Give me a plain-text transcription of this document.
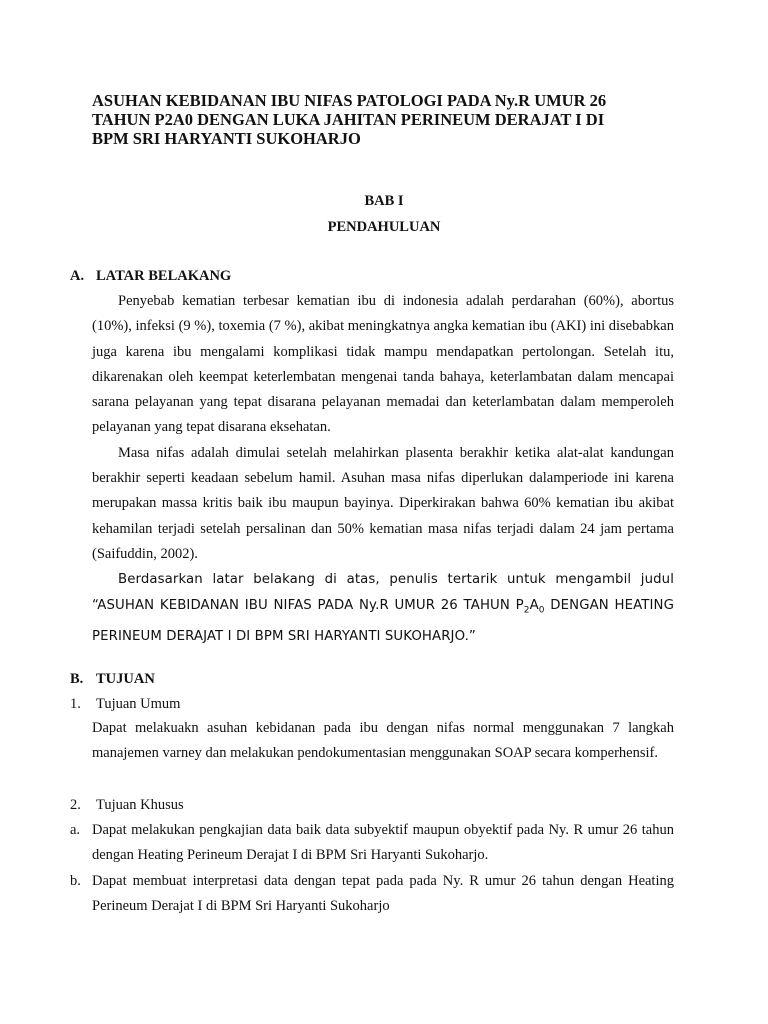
ASUHAN KEBIDANAN IBU NIFAS PATOLOGI PADA Ny.R UMUR 26
TAHUN P2A0 DENGAN LUKA JAHITAN PERINEUM DERAJAT I DI
BPM SRI HARYANTI SUKOHARJO
BAB I
PENDAHULUAN
A. LATAR BELAKANG

Penyebab kematian terbesar kematian ibu di indonesia adalah perdarahan (60%), abortus (10%), infeksi (9 %), toxemia (7 %), akibat meningkatnya angka kematian ibu (AKI) ini disebabkan juga karena ibu mengalami komplikasi tidak mampu mendapatkan pertolongan. Setelah itu, dikarenakan oleh keempat keterlembatan mengenai tanda bahaya, keterlambatan dalam mencapai sarana pelayanan yang tepat disarana pelayanan memadai dan keterlambatan dalam memperoleh pelayanan yang tepat disarana eksehatan.

Masa nifas adalah dimulai setelah melahirkan plasenta berakhir ketika alat-alat kandungan berakhir seperti keadaan sebelum hamil. Asuhan masa nifas diperlukan dalamperiode ini karena merupakan massa kritis baik ibu maupun bayinya. Diperkirakan bahwa 60% kematian ibu akibat kehamilan terjadi setelah persalinan dan 50% kematian masa nifas terjadi dalam 24 jam pertama (Saifuddin, 2002).

Berdasarkan latar belakang di atas, penulis tertarik untuk mengambil judul “ASUHAN KEBIDANAN IBU NIFAS PADA Ny.R UMUR 26 TAHUN $P_2A_0$ DENGAN HEATING PERINEUM DERAJAT I DI BPM SRI HARYANTI SUKOHARJO.”

B. TUJUAN
1. Tujuan Umum
Dapat melakuakn asuhan kebidanan pada ibu dengan nifas normal menggunakan 7 langkah manajemen varney dan melakukan pendokumentasian menggunakan SOAP secara komperhensif.
2. Tujuan Khusus
a. Dapat melakukan pengkajian data baik data subyektif maupun obyektif pada Ny. R umur 26 tahun dengan Heating Perineum Derajat I di BPM Sri Haryanti Sukoharjo.
b. Dapat membuat interpretasi data dengan tepat pada pada Ny. R umur 26 tahun dengan Heating Perineum Derajat I di BPM Sri Haryanti Sukoharjo
